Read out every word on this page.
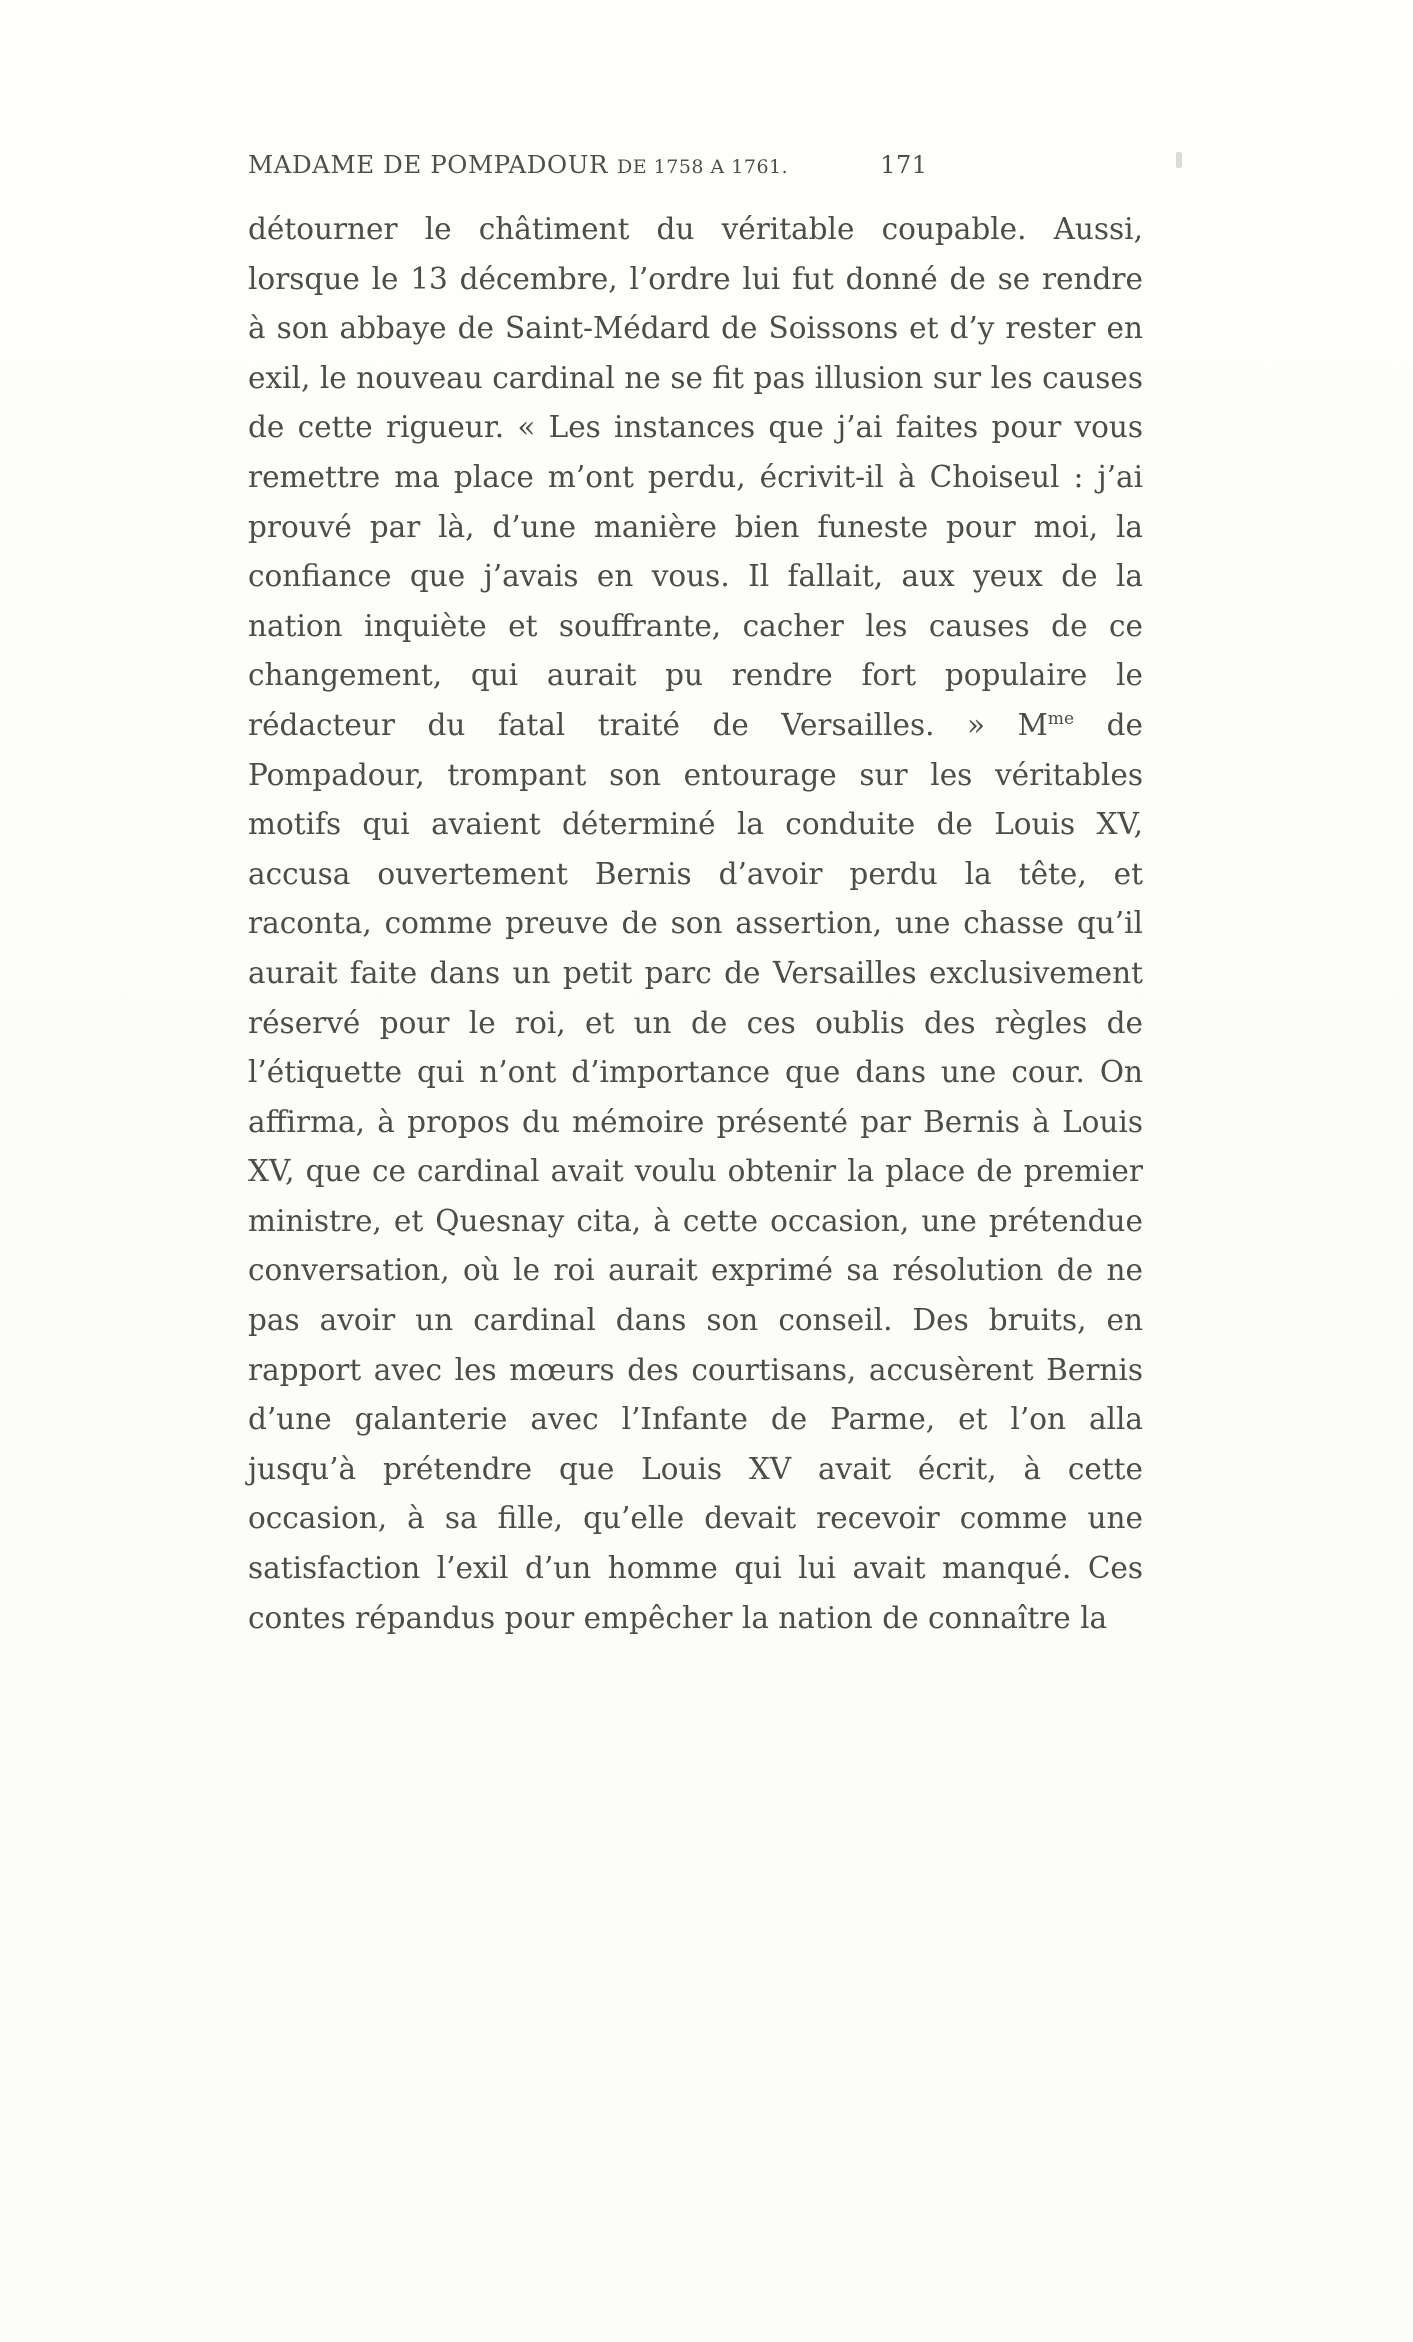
MADAME DE POMPADOUR DE 1758 A 1761.	171

détourner le châtiment du véritable coupable. Aussi, lorsque le 13 décembre, l’ordre lui fut donné de se rendre à son abbaye de Saint-Médard de Soissons et d’y rester en exil, le nouveau cardinal ne se fit pas illusion sur les causes de cette rigueur. « Les instances que j’ai faites pour vous remettre ma place m’ont perdu, écrivit-il à Choiseul : j’ai prouvé par là, d’une manière bien funeste pour moi, la confiance que j’avais en vous. Il fallait, aux yeux de la nation inquiète et souffrante, cacher les causes de ce changement, qui aurait pu rendre fort populaire le rédacteur du fatal traité de Versailles. » $M^{me}$ de Pompadour, trompant son entourage sur les véritables motifs qui avaient déterminé la conduite de Louis XV, accusa ouvertement Bernis d’avoir perdu la tête, et raconta, comme preuve de son assertion, une chasse qu’il aurait faite dans un petit parc de Versailles exclusivement réservé pour le roi, et un de ces oublis des règles de l’étiquette qui n’ont d’importance que dans une cour. On affirma, à propos du mémoire présenté par Bernis à Louis XV, que ce cardinal avait voulu obtenir la place de premier ministre, et Quesnay cita, à cette occasion, une prétendue conversation, où le roi aurait exprimé sa résolution de ne pas avoir un cardinal dans son conseil. Des bruits, en rapport avec les mœurs des courtisans, accusèrent Bernis d’une galanterie avec l’Infante de Parme, et l’on alla jusqu’à prétendre que Louis XV avait écrit, à cette occasion, à sa fille, qu’elle devait recevoir comme une satisfaction l’exil d’un homme qui lui avait manqué. Ces contes répandus pour empêcher la nation de connaître la
